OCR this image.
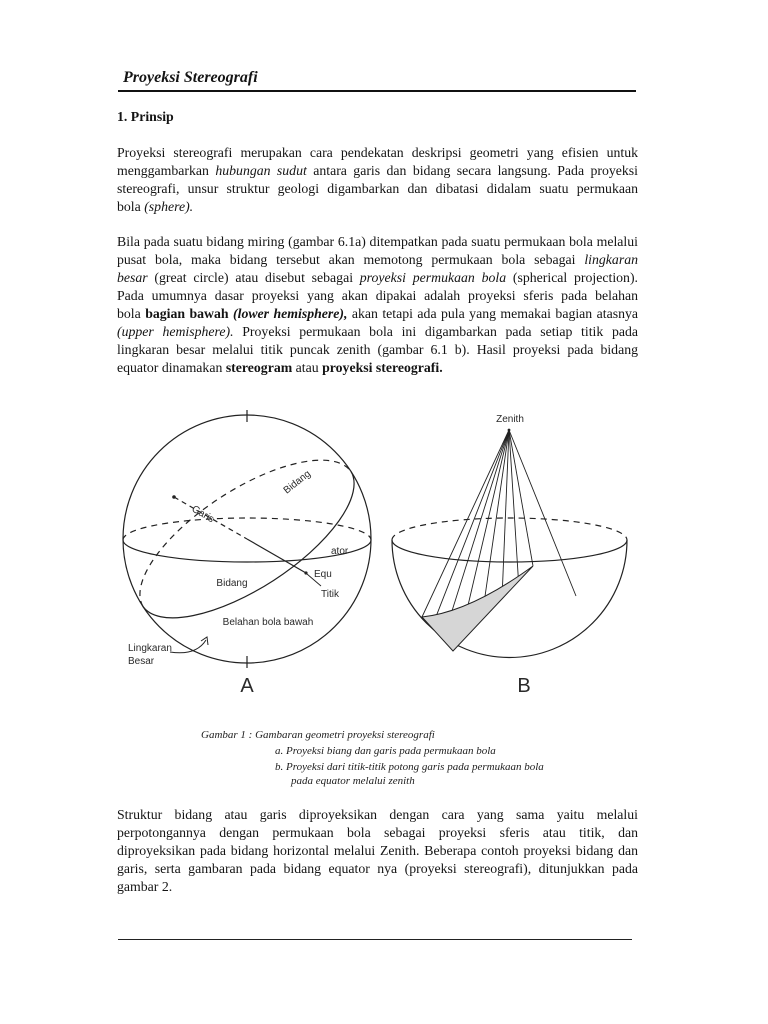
Proyeksi Stereografi
1. Prinsip
Proyeksi stereografi merupakan cara pendekatan deskripsi geometri yang efisien untuk
menggambarkan hubungan sudut antara garis dan bidang secara langsung. Pada proyeksi
stereografi, unsur struktur geologi digambarkan dan dibatasi didalam suatu permukaan
bola (sphere).
Bila pada suatu bidang miring (gambar 6.1a) ditempatkan pada suatu permukaan bola melalui
pusat bola, maka bidang tersebut akan memotong permukaan bola sebagai lingkaran
besar (great circle) atau disebut sebagai proyeksi permukaan bola (spherical projection).
Pada umumnya dasar proyeksi yang akan dipakai adalah proyeksi sferis pada belahan
bola bagian bawah (lower hemisphere), akan tetapi ada pula yang memakai bagian atasnya
(upper hemisphere). Proyeksi permukaan bola ini digambarkan pada setiap titik pada
lingkaran besar melalui titik puncak zenith (gambar 6.1 b). Hasil proyeksi pada bidang
equator dinamakan stereogram atau proyeksi stereografi.
Bidang
Garis
ator
Equ
Bidang
Titik
Belahan bola bawah
Lingkaran
Besar
A
Zenith
B
Gambar 1 : Gambaran geometri proyeksi stereografi
a. Proyeksi biang dan garis pada permukaan bola
b. Proyeksi dari titik-titik potong garis pada permukaan bola
pada equator melalui zenith
Struktur bidang atau garis diproyeksikan dengan cara yang sama yaitu melalui
perpotongannya dengan permukaan bola sebagai proyeksi sferis atau titik, dan
diproyeksikan pada bidang horizontal melalui Zenith. Beberapa contoh proyeksi bidang dan
garis, serta gambaran pada bidang equator nya (proyeksi stereografi), ditunjukkan pada
gambar 2.
